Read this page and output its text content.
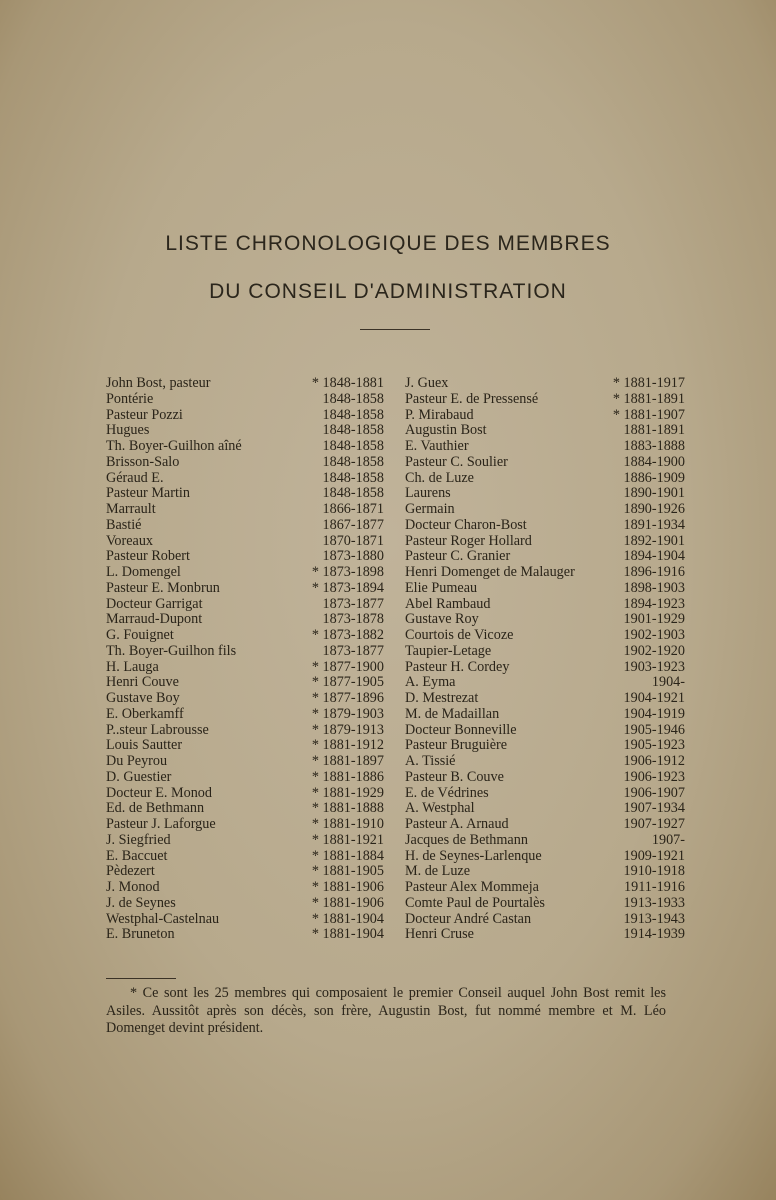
LISTE CHRONOLOGIQUE DES MEMBRES
DU CONSEIL D'ADMINISTRATION
John Bost, pasteur	* 1848-1881
Pontérie	1848-1858
Pasteur Pozzi	1848-1858
Hugues	1848-1858
Th. Boyer-Guilhon aîné	1848-1858
Brisson-Salo	1848-1858
Géraud E.	1848-1858
Pasteur Martin	1848-1858
Marrault	1866-1871
Bastié	1867-1877
Voreaux	1870-1871
Pasteur Robert	1873-1880
L. Domengel	* 1873-1898
Pasteur E. Monbrun	* 1873-1894
Docteur Garrigat	1873-1877
Marraud-Dupont	1873-1878
G. Fouignet	* 1873-1882
Th. Boyer-Guilhon fils	1873-1877
H. Lauga	* 1877-1900
Henri Couve	* 1877-1905
Gustave Boy	* 1877-1896
E. Oberkamff	* 1879-1903
P..steur Labrousse	* 1879-1913
Louis Sautter	* 1881-1912
Du Peyrou	* 1881-1897
D. Guestier	* 1881-1886
Docteur E. Monod	* 1881-1929
Ed. de Bethmann	* 1881-1888
Pasteur J. Laforgue	* 1881-1910
J. Siegfried	* 1881-1921
E. Baccuet	* 1881-1884
Pèdezert	* 1881-1905
J. Monod	* 1881-1906
J. de Seynes	* 1881-1906
Westphal-Castelnau	* 1881-1904
E. Bruneton	* 1881-1904
J. Guex	* 1881-1917
Pasteur E. de Pressensé	* 1881-1891
P. Mirabaud	* 1881-1907
Augustin Bost	1881-1891
E. Vauthier	1883-1888
Pasteur C. Soulier	1884-1900
Ch. de Luze	1886-1909
Laurens	1890-1901
Germain	1890-1926
Docteur Charon-Bost	1891-1934
Pasteur Roger Hollard	1892-1901
Pasteur C. Granier	1894-1904
Henri Domenget de Malauger	1896-1916
Elie Pumeau	1898-1903
Abel Rambaud	1894-1923
Gustave Roy	1901-1929
Courtois de Vicoze	1902-1903
Taupier-Letage	1902-1920
Pasteur H. Cordey	1903-1923
A. Eyma	1904-
D. Mestrezat	1904-1921
M. de Madaillan	1904-1919
Docteur Bonneville	1905-1946
Pasteur Bruguière	1905-1923
A. Tissié	1906-1912
Pasteur B. Couve	1906-1923
E. de Védrines	1906-1907
A. Westphal	1907-1934
Pasteur A. Arnaud	1907-1927
Jacques de Bethmann	1907-
H. de Seynes-Larlenque	1909-1921
M. de Luze	1910-1918
Pasteur Alex Mommeja	1911-1916
Comte Paul de Pourtalès	1913-1933
Docteur André Castan	1913-1943
Henri Cruse	1914-1939
* Ce sont les 25 membres qui composaient le premier Conseil auquel John Bost remit les Asiles. Aussitôt après son décès, son frère, Augustin Bost, fut nommé membre et M. Léo Domenget devint président.
